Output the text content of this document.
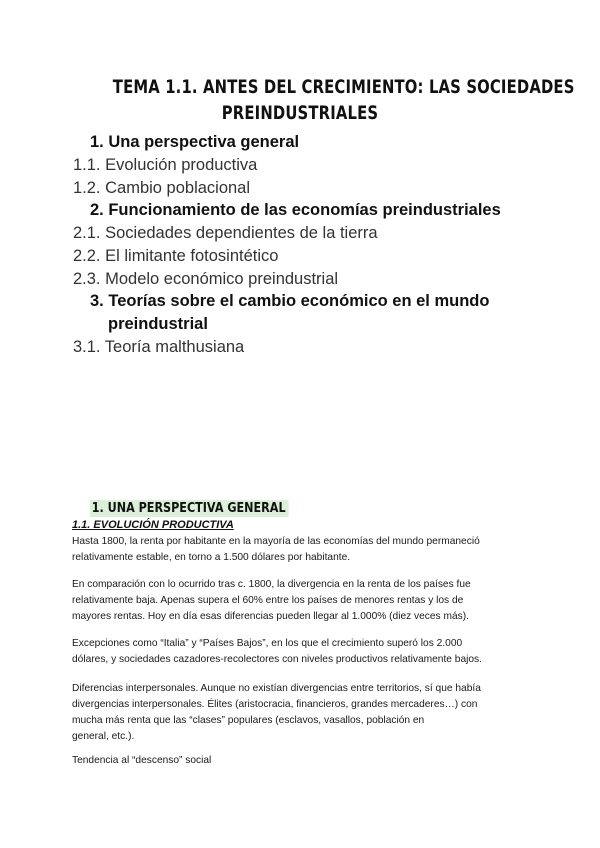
TEMA 1.1. ANTES DEL CRECIMIENTO: LAS SOCIEDADES
PREINDUSTRIALES
1. Una perspectiva general
1.1. Evolución productiva
1.2. Cambio poblacional
2. Funcionamiento de las economías preindustriales
2.1. Sociedades dependientes de la tierra
2.2. El limitante fotosintético
2.3. Modelo económico preindustrial
3. Teorías sobre el cambio económico en el mundo
preindustrial
3.1. Teoría malthusiana
1. UNA PERSPECTIVA GENERAL
1.1. EVOLUCIÓN PRODUCTIVA
Hasta 1800, la renta por habitante en la mayoría de las economías del mundo permaneció
relativamente estable, en torno a 1.500 dólares por habitante.
En comparación con lo ocurrido tras c. 1800, la divergencia en la renta de los países fue
relativamente baja. Apenas supera el 60% entre los países de menores rentas y los de
mayores rentas. Hoy en día esas diferencias pueden llegar al 1.000% (diez veces más).
Excepciones como “Italia” y “Países Bajos”, en los que el crecimiento superó los 2.000
dólares, y sociedades cazadores-recolectores con niveles productivos relativamente bajos.
Diferencias interpersonales. Aunque no existían divergencias entre territorios, sí que había
divergencias interpersonales. Élites (aristocracia, financieros, grandes mercaderes…) con
mucha más renta que las “clases” populares (esclavos, vasallos, población en
general, etc.).
Tendencia al “descenso” social
